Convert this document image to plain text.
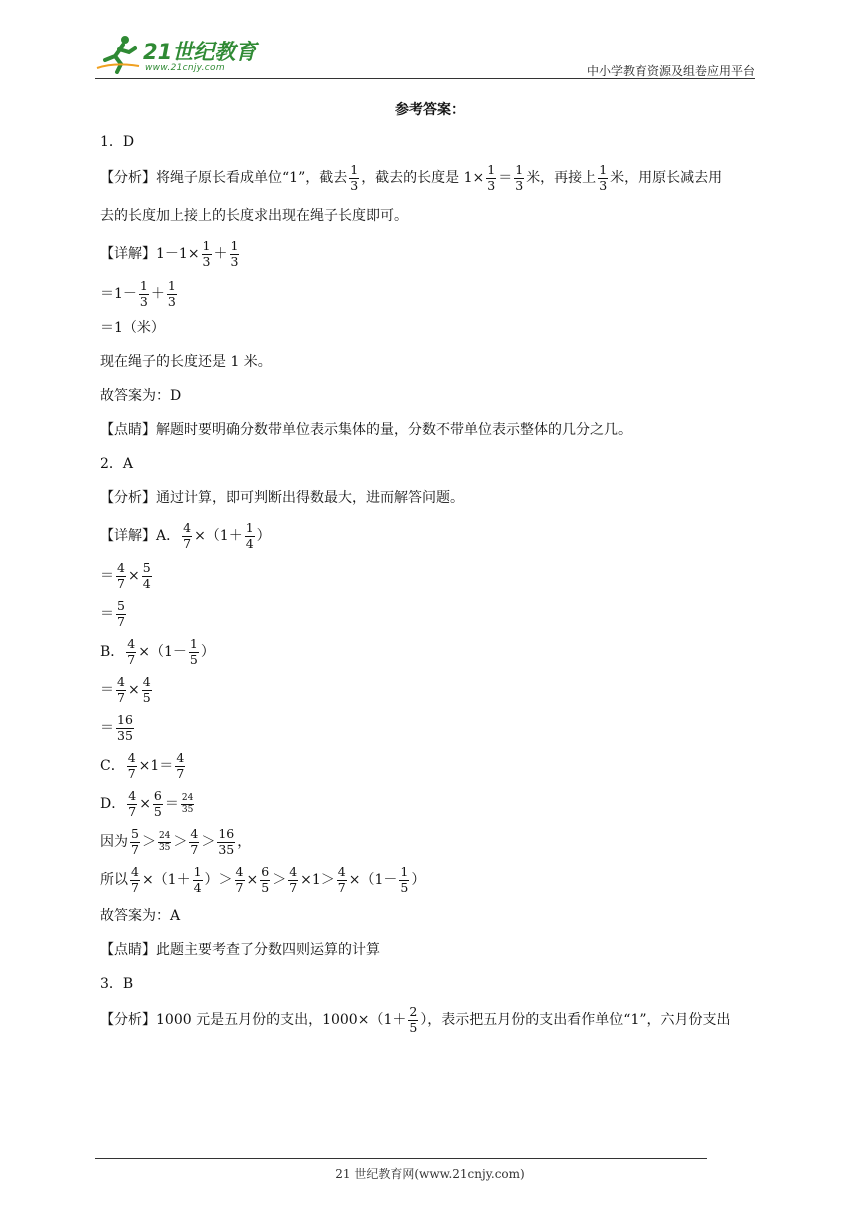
21世纪教育
www.21cnjy.com	中小学教育资源及组卷应用平台
参考答案：

1．D

【分析】将绳子原长看成单位“1”，截去 $\frac{1}{3}$ ，截去的长度是 $1\times \frac{1}{3} = \frac{1}{3}$ 米，再接上 $\frac{1}{3}$ 米，用原长减去用

去的长度加上接上的长度求出现在绳子长度即可。

【详解】$1-1\times \frac{1}{3} + \frac{1}{3}$

$=1- \frac{1}{3} + \frac{1}{3}$

＝1（米）

现在绳子的长度还是 1 米。

故答案为：D

【点睛】解题时要明确分数带单位表示集体的量，分数不带单位表示整体的几分之几。

2．A

【分析】通过计算，即可判断出得数最大，进而解答问题。

【详解】A． $\frac{4}{7} \times(1+ \frac{1}{4}$ ）

＝ $\frac{4}{7} \times \frac{5}{4}$

＝ $\frac{5}{7}$

B． $\frac{4}{7} \times(1- \frac{1}{5}$ ）

＝ $\frac{4}{7} \times \frac{4}{5}$

＝ $\frac{16}{35}$

C． $\frac{4}{7} \times 1= \frac{4}{7}$

D． $\frac{4}{7} \times \frac{6}{5} = \frac{24}{35}$

因为 $\frac{5}{7} > \frac{24}{35} > \frac{4}{7} > \frac{16}{35}$ ，

所以 $\frac{4}{7} \times(1+ \frac{1}{4}$ ）＞ $\frac{4}{7} \times \frac{6}{5} > \frac{4}{7} \times 1> \frac{4}{7} \times(1- \frac{1}{5}$ ）

故答案为：A

【点睛】此题主要考查了分数四则运算的计算

3．B

【分析】1000 元是五月份的支出，$1000\times(1+ \frac{2}{5}$ ），表示把五月份的支出看作单位“1”，六月份支出

21 世纪教育网(www.21cnjy.com)
